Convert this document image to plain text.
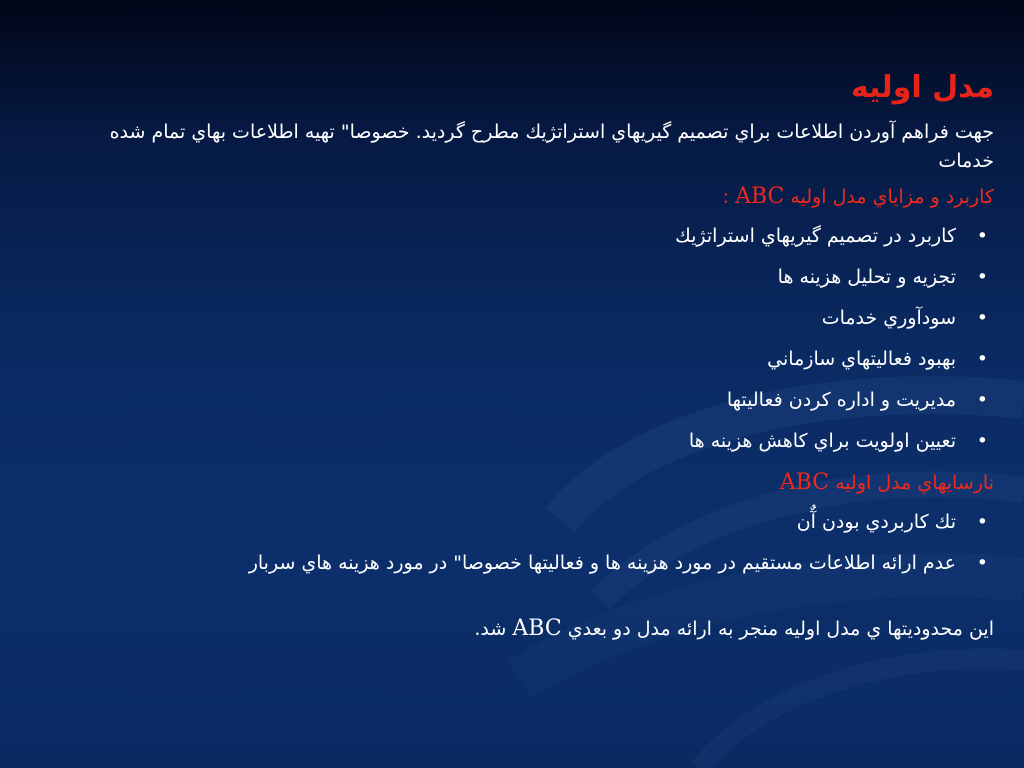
مدل اوليه

جهت فراهم آوردن اطلاعات براي تصميم گيريهاي استراتژيك مطرح گرديد. خصوصا" تهيه اطلاعات بهاي تمام شده خدمات

كاربرد و مزاياي مدل اوليه ABC :
•
كاربرد در تصميم گيريهاي استراتژيك
•
تجزيه و تحليل هزينه ها
•
سودآوري خدمات
•
بهبود فعاليتهاي سازماني
•
مديريت و اداره كردن فعاليتها
•
تعيين اولويت براي كاهش هزينه ها
نارسايهاي مدل اوليه ABC
•
تك كاربردي بودن آٌن
•
عدم ارائه اطلاعات مستقيم در مورد هزينه ها و فعاليتها خصوصا" در مورد هزينه هاي سربار

اين محدوديتها ي مدل اوليه منجر به ارائه مدل دو بعدي ABC شد.
